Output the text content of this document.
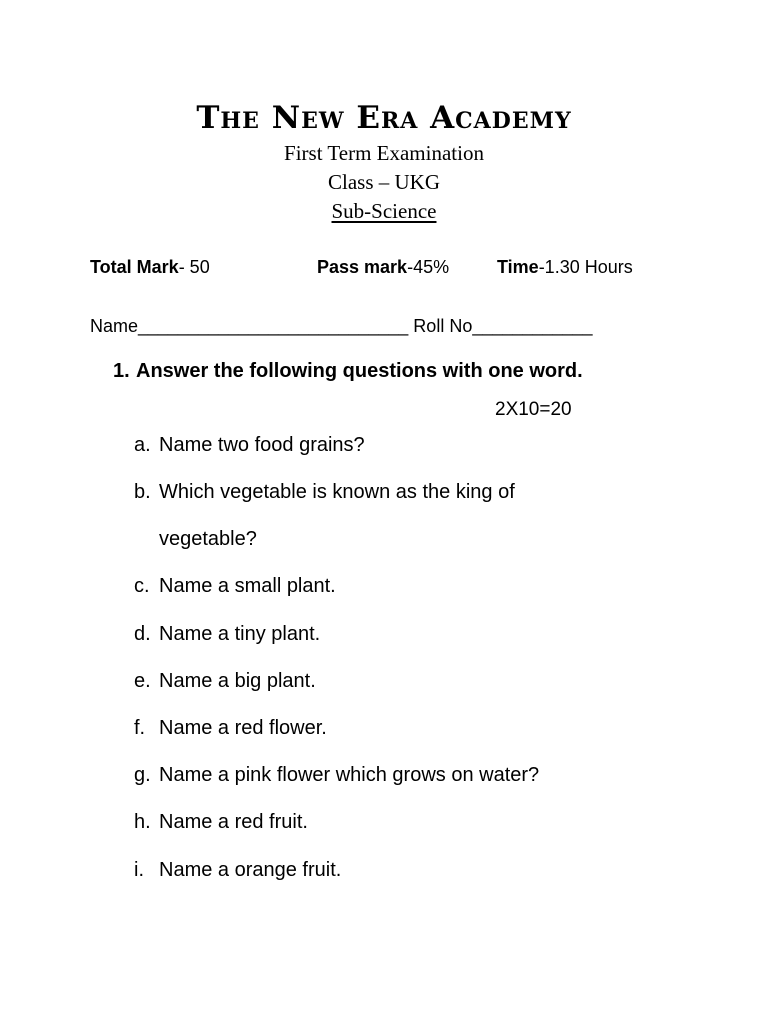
The New Era Academy
First Term Examination
Class – UKG
Sub-Science
Total Mark- 50	Pass mark-45%	Time-1.30 Hours
Name___________________________ Roll No____________
1. Answer the following questions with one word.
2X10=20
a. Name two food grains?
b. Which vegetable is known as the king of
vegetable?
c. Name a small plant.
d. Name a tiny plant.
e. Name a big plant.
f. Name a red flower.
g. Name a pink flower which grows on water?
h. Name a red fruit.
i. Name a orange fruit.
